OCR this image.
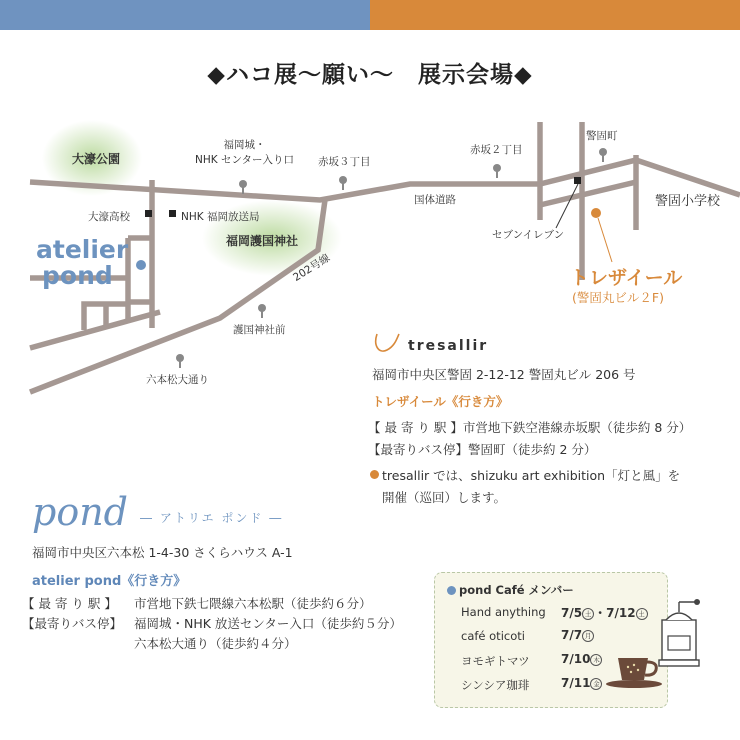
◆ハコ展〜願い〜　展示会場◆
大濠公園
福岡城・
NHK センター入り口 赤坂３丁目
赤坂２丁目
警固町
大濠高校	NHK 福岡放送局
福岡護国神社
国体道路	警固小学校
セブンイレブン
202号線
護国神社前
六本松大通り
atelier
pond	トレザイール
(警固丸ビル２F)
tresallir
福岡市中央区警固 2-12-12 警固丸ビル 206 号
トレザイール《行き方》
【 最 寄 り 駅 】市営地下鉄空港線赤坂駅（徒歩約 8 分）
【最寄りバス停】警固町（徒歩約 2 分）
tresallir では、shizuku art exhibition「灯と風」を
開催（巡回）します。
pond ― アトリエ ポンド ―
福岡市中央区六本松 1-4-30 さくらハウス A-1
atelier pond《行き方》
【 最 寄 り 駅 】 市営地下鉄七隈線六本松駅（徒歩約６分）
【最寄りバス停】 福岡城・NHK 放送センター入口（徒歩約５分）
六本松大通り（徒歩約４分）
pond Café メンバー
Hand anything 7/5 土 ・7/12 土
café oticoti	7/7 月
ヨモギトマツ	7/10 木
シンシア珈琲	7/11 金
